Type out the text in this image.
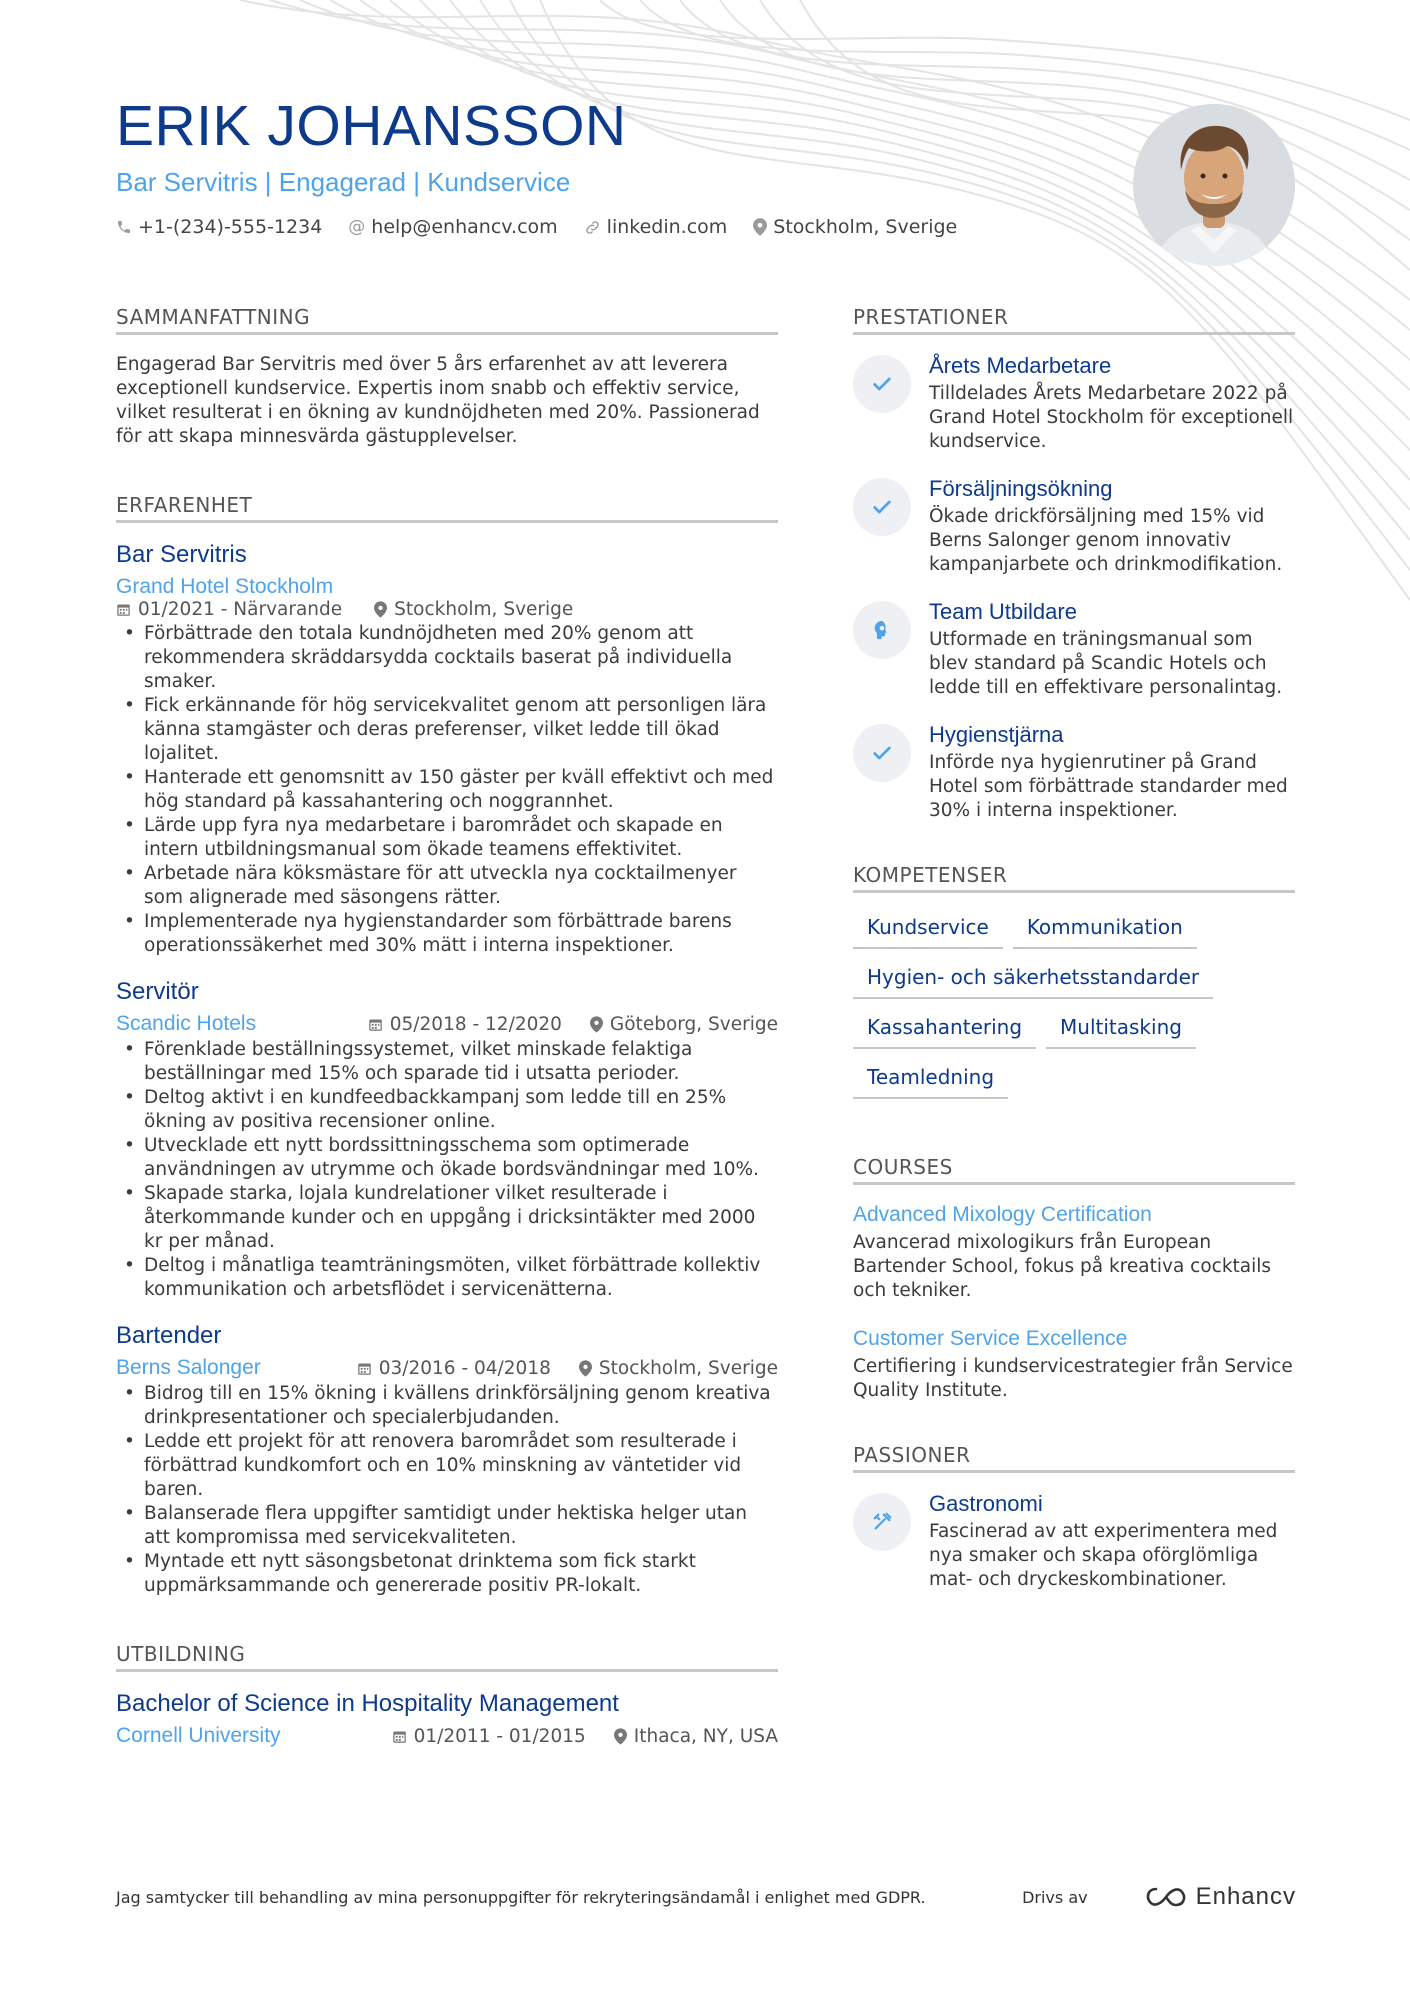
ERIK JOHANSSON
Bar Servitris | Engagerad | Kundservice
+1-(234)-555-1234 @ help@enhancv.com	linkedin.com Stockholm, Sverige
SAMMANFATTNING

Engagerad Bar Servitris med över 5 års erfarenhet av att leverera exceptionell kundservice. Expertis inom snabb och effektiv service, vilket resulterat i en ökning av kundnöjdheten med 20%. Passionerad för att skapa minnesvärda gästupplevelser.

ERFARENHET
Bar Servitris
Grand Hotel Stockholm
01/2021 - Närvarande	Stockholm, Sverige
• Förbättrade den totala kundnöjdheten med 20% genom att rekommendera skräddarsydda cocktails baserat på individuella smaker.
• Fick erkännande för hög servicekvalitet genom att personligen lära känna stamgäster och deras preferenser, vilket ledde till ökad lojalitet.
• Hanterade ett genomsnitt av 150 gäster per kväll effektivt och med hög standard på kassahantering och noggrannhet.
• Lärde upp fyra nya medarbetare i barområdet och skapade en intern utbildningsmanual som ökade teamens effektivitet.
• Arbetade nära köksmästare för att utveckla nya cocktailmenyer som alignerade med säsongens rätter.
• Implementerade nya hygienstandarder som förbättrade barens operationssäkerhet med 30% mätt i interna inspektioner.
Servitör
Scandic Hotels	05/2018 - 12/2020	Göteborg, Sverige
• Förenklade beställningssystemet, vilket minskade felaktiga beställningar med 15% och sparade tid i utsatta perioder.
• Deltog aktivt i en kundfeedbackkampanj som ledde till en 25% ökning av positiva recensioner online.
• Utvecklade ett nytt bordssittningsschema som optimerade användningen av utrymme och ökade bordsvändningar med 10%.
• Skapade starka, lojala kundrelationer vilket resulterade i återkommande kunder och en uppgång i dricksintäkter med 2000 kr per månad.
• Deltog i månatliga teamträningsmöten, vilket förbättrade kollektiv kommunikation och arbetsflödet i servicenätterna.
Bartender
Berns Salonger	03/2016 - 04/2018	Stockholm, Sverige
• Bidrog till en 15% ökning i kvällens drinkförsäljning genom kreativa drinkpresentationer och specialerbjudanden.
• Ledde ett projekt för att renovera barområdet som resulterade i förbättrad kundkomfort och en 10% minskning av väntetider vid baren.
• Balanserade flera uppgifter samtidigt under hektiska helger utan att kompromissa med servicekvaliteten.
• Myntade ett nytt säsongsbetonat drinktema som fick starkt uppmärksammande och genererade positiv PR-lokalt.
UTBILDNING
Bachelor of Science in Hospitality Management
Cornell University	01/2011 - 01/2015	Ithaca, NY, USA
PRESTATIONER
Årets Medarbetare
Tilldelades Årets Medarbetare 2022 på Grand Hotel Stockholm för exceptionell kundservice.
Försäljningsökning
Ökade drickförsäljning med 15% vid Berns Salonger genom innovativ kampanjarbete och drinkmodifikation.
Team Utbildare
Utformade en träningsmanual som blev standard på Scandic Hotels och ledde till en effektivare personalintag.
Hygienstjärna
Införde nya hygienrutiner på Grand Hotel som förbättrade standarder med 30% i interna inspektioner.
KOMPETENSER
Kundservice	Kommunikation
Hygien- och säkerhetsstandarder
Kassahantering	Multitasking
Teamledning
COURSES
Advanced Mixology Certification
Avancerad mixologikurs från European Bartender School, fokus på kreativa cocktails och tekniker.
Customer Service Excellence
Certifiering i kundservicestrategier från Service Quality Institute.
PASSIONER
Gastronomi
Fascinerad av att experimentera med nya smaker och skapa oförglömliga mat- och dryckeskombinationer.
Jag samtycker till behandling av mina personuppgifter för rekryteringsändamål i enlighet med GDPR.	Drivs av	Enhancv
